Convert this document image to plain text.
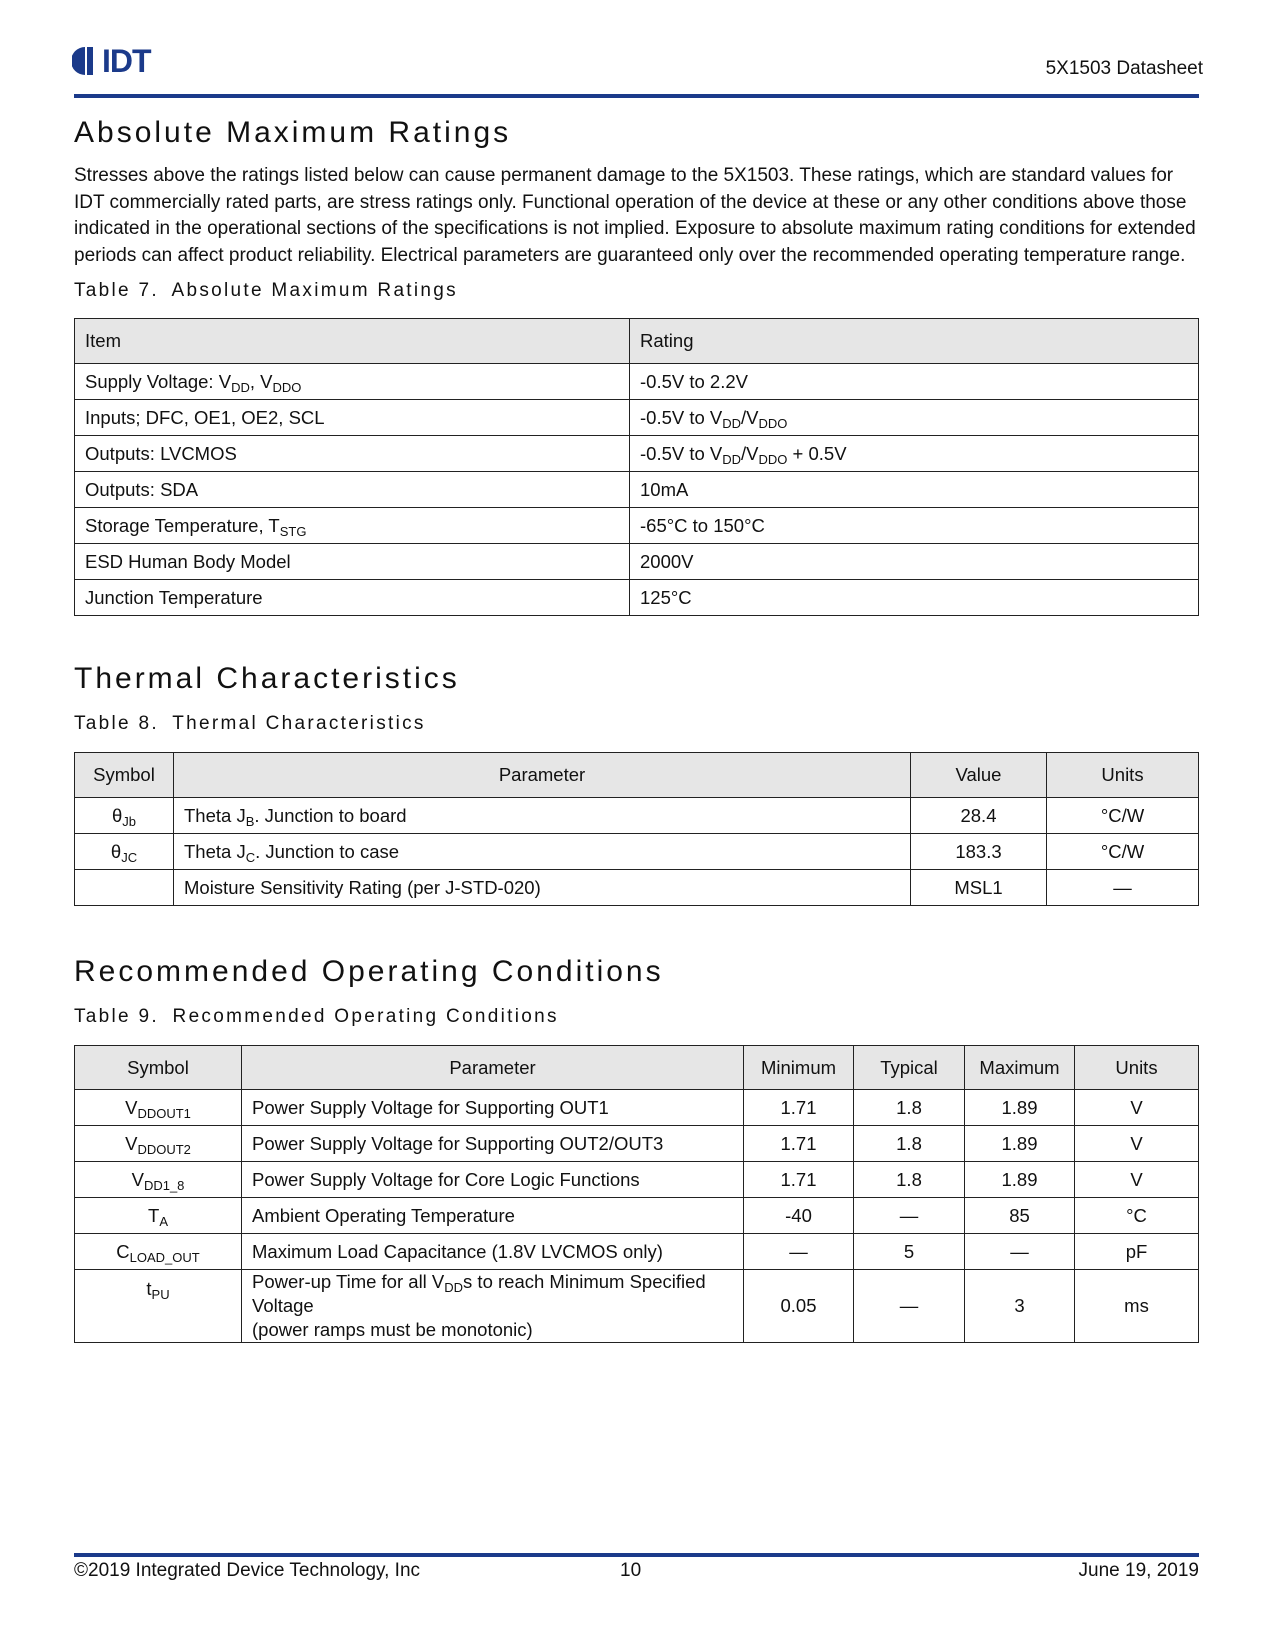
IDT	5X1503 Datasheet
Absolute Maximum Ratings

Stresses above the ratings listed below can cause permanent damage to the 5X1503. These ratings, which are standard values for IDT commercially rated parts, are stress ratings only. Functional operation of the device at these or any other conditions above those indicated in the operational sections of the specifications is not implied. Exposure to absolute maximum rating conditions for extended periods can affect product reliability. Electrical parameters are guaranteed only over the recommended operating temperature range.

Table 7. Absolute Maximum Ratings

Item	Rating
Supply Voltage: $V_{DD}$, $V_{DDO}$	-0.5V to 2.2V
Inputs; DFC, OE1, OE2, SCL	-0.5V to $V_{DD}/V_{DDO}$
Outputs: LVCMOS	-0.5V to $V_{DD}/V_{DDO} + 0.5V$
Outputs: SDA	10mA
Storage Temperature, $T_{STG}$	-65°C to 150°C
ESD Human Body Model	2000V
Junction Temperature	125°C
Thermal Characteristics

Table 8. Thermal Characteristics

Symbol	Parameter	Value	Units
$\theta_{Jb}$	Theta $J_B$. Junction to board	28.4	°C/W
$\theta_{JC}$	Theta $J_C$. Junction to case	183.3	°C/W
	Moisture Sensitivity Rating (per J-STD-020)	MSL1	—
Recommended Operating Conditions

Table 9. Recommended Operating Conditions

Symbol	Parameter	Minimum	Typical	Maximum	Units
$V_{DDOUT1}$	Power Supply Voltage for Supporting OUT1	1.71	1.8	1.89	V
$V_{DDOUT2}$	Power Supply Voltage for Supporting OUT2/OUT3	1.71	1.8	1.89	V
$V_{DD1\_8}$	Power Supply Voltage for Core Logic Functions	1.71	1.8	1.89	V
$T_A$	Ambient Operating Temperature	-40	—	85	°C
$C_{LOAD\_OUT}$	Maximum Load Capacitance (1.8V LVCMOS only)	—	5	—	pF
$t_{PU}$	Power-up Time for all $V_{DD}s$ to reach Minimum Specified Voltage
(power ramps must be monotonic)	0.05	—	3	ms
©2019 Integrated Device Technology, Inc	10	June 19, 2019
